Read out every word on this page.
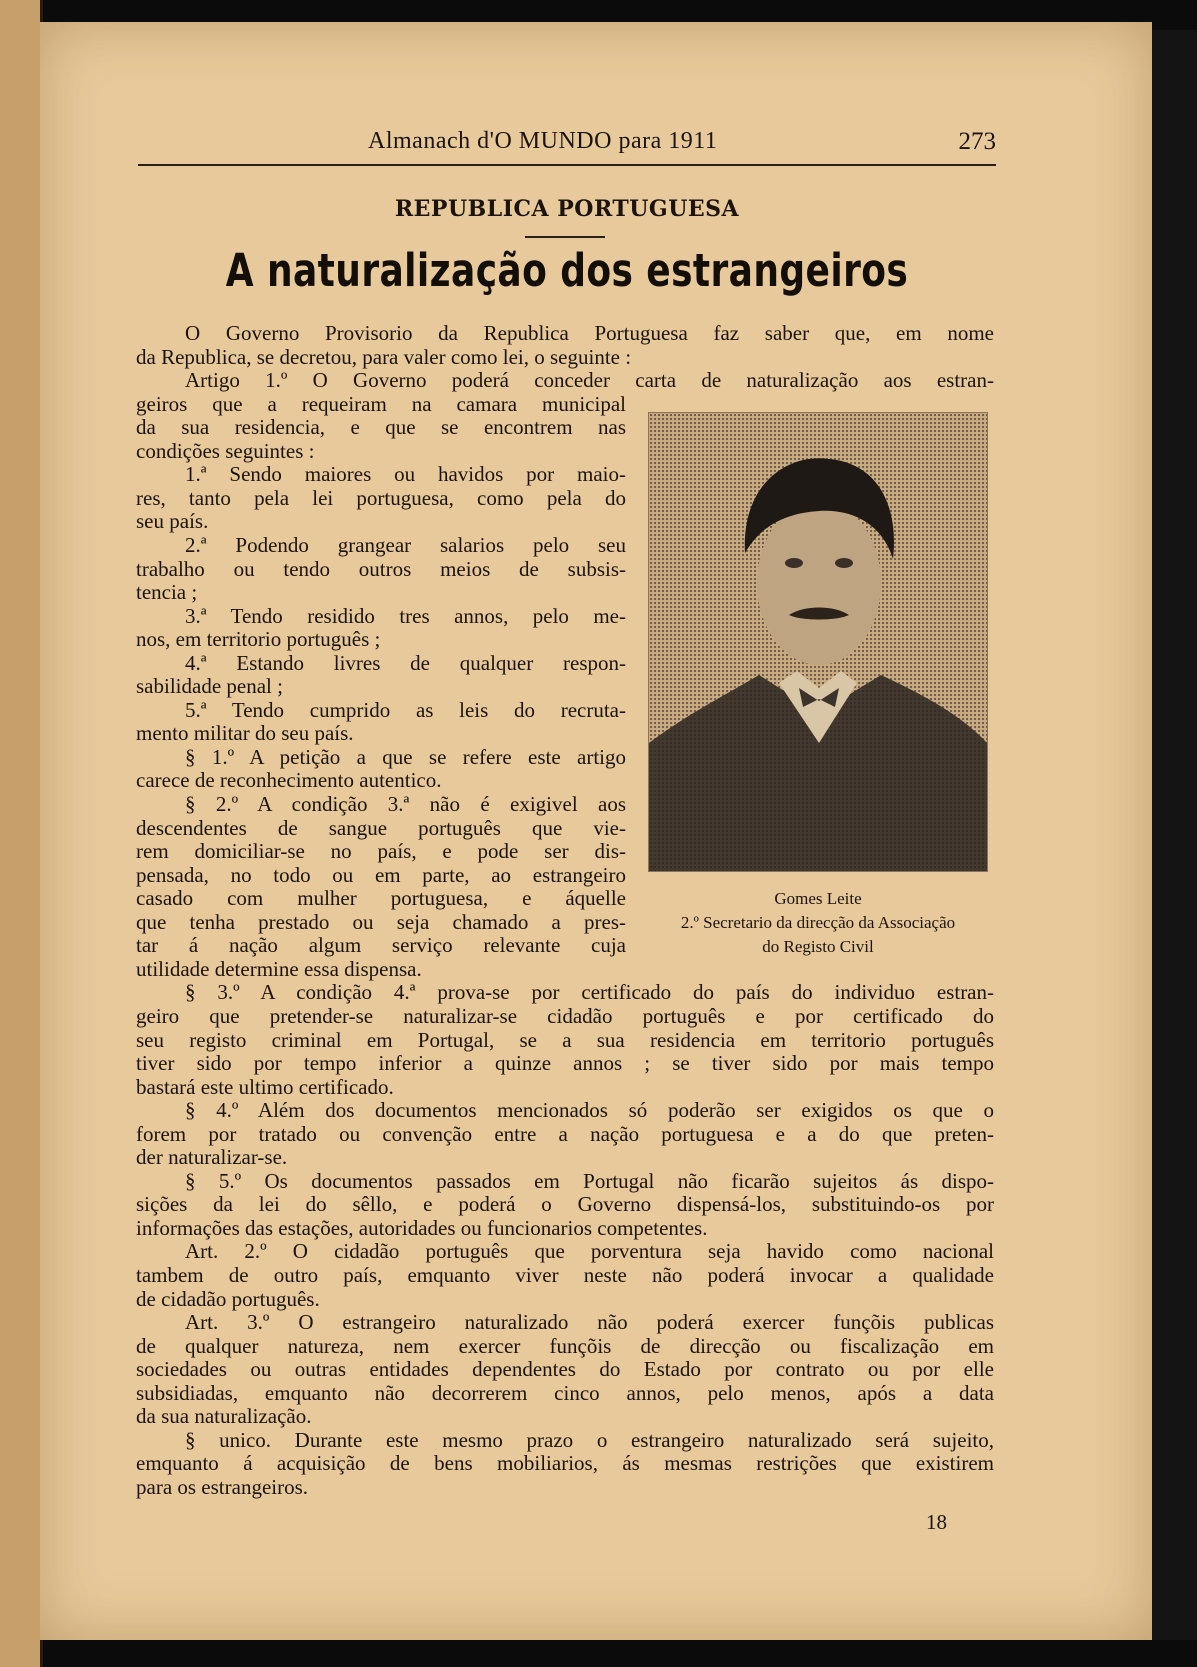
Almanach d'O MUNDO para 1911	273
REPUBLICA PORTUGUESA
A naturalização dos estrangeiros
O Governo Provisorio da Republica Portuguesa faz saber que, em nome
da Republica, se decretou, para valer como lei, o seguinte :
Artigo 1.º O Governo poderá conceder carta de naturalização aos estran-
geiros que a requeiram na camara municipal
da sua residencia, e que se encontrem nas
condições seguintes :
1.ª Sendo maiores ou havidos por maio-
res, tanto pela lei portuguesa, como pela do
seu país.
2.ª Podendo grangear salarios pelo seu
trabalho ou tendo outros meios de subsis-
tencia ;
3.ª Tendo residido tres annos, pelo me-
nos, em territorio português ;
4.ª Estando livres de qualquer respon-
sabilidade penal ;
5.ª Tendo cumprido as leis do recruta-
mento militar do seu país.
§ 1.º A petição a que se refere este artigo
carece de reconhecimento autentico.
§ 2.º A condição 3.ª não é exigivel aos
descendentes de sangue português que vie-
rem domiciliar-se no país, e pode ser dis-
pensada, no todo ou em parte, ao estrangeiro
casado com mulher portuguesa, e áquelle
que tenha prestado ou seja chamado a pres-
tar á nação algum serviço relevante cuja
utilidade determine essa dispensa.
§ 3.º A condição 4.ª prova-se por certificado do país do individuo estran-
geiro que pretender-se naturalizar-se cidadão português e por certificado do
seu registo criminal em Portugal, se a sua residencia em territorio português
tiver sido por tempo inferior a quinze annos ; se tiver sido por mais tempo
bastará este ultimo certificado.
§ 4.º Além dos documentos mencionados só poderão ser exigidos os que o
forem por tratado ou convenção entre a nação portuguesa e a do que preten-
der naturalizar-se.
§ 5.º Os documentos passados em Portugal não ficarão sujeitos ás dispo-
sições da lei do sêllo, e poderá o Governo dispensá-los, substituindo-os por
informações das estações, autoridades ou funcionarios competentes.
Art. 2.º O cidadão português que porventura seja havido como nacional
tambem de outro país, emquanto viver neste não poderá invocar a qualidade
de cidadão português.
Art. 3.º O estrangeiro naturalizado não poderá exercer funçõis publicas
de qualquer natureza, nem exercer funçõis de direcção ou fiscalização em
sociedades ou outras entidades dependentes do Estado por contrato ou por elle
subsidiadas, emquanto não decorrerem cinco annos, pelo menos, após a data
da sua naturalização.
§ unico. Durante este mesmo prazo o estrangeiro naturalizado será sujeito,
emquanto á acquisição de bens mobiliarios, ás mesmas restrições que existirem
para os estrangeiros.
Gomes Leite
2.º Secretario da direcção da Associação
do Registo Civil
18
